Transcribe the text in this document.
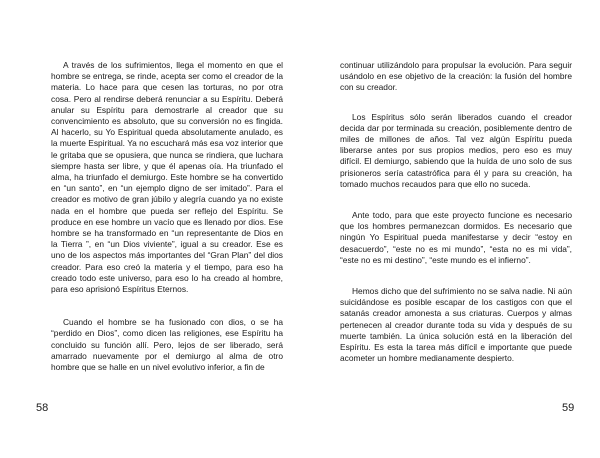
A través de los sufrimientos, llega el momento en que el hombre se entrega, se rinde, acepta ser como el creador de la materia. Lo hace para que cesen las torturas, no por otra cosa. Pero al rendirse deberá renunciar a su Espíritu. Deberá anular su Espíritu para demostrarle al creador que su convencimiento es absoluto, que su conversión no es fingida. Al hacerlo, su Yo Espiritual queda absolutamente anulado, es la muerte Espiritual. Ya no escuchará más esa voz interior que le gritaba que se opusiera, que nunca se rindiera, que luchara siempre hasta ser libre, y que él apenas oía. Ha triunfado el alma, ha triunfado el demiurgo. Este hombre se ha convertido en “un santo”, en “un ejemplo digno de ser imitado”. Para el creador es motivo de gran júbilo y alegría cuando ya no existe nada en el hombre que pueda ser reflejo del Espíritu. Se produce en ese hombre un vacío que es llenado por dios. Ese hombre se ha transformado en “un representante de Dios en la Tierra ”, en “un Dios viviente”, igual a su creador. Ese es uno de los aspectos más importantes del “Gran Plan” del dios creador. Para eso creó la materia y el tiempo, para eso ha creado todo este universo, para eso lo ha creado al hombre, para eso aprisionó Espíritus Eternos.

Cuando el hombre se ha fusionado con dios, o se ha “perdido en Dios”, como dicen las religiones, ese Espíritu ha concluido su función allí. Pero, lejos de ser liberado, será amarrado nuevamente por el demiurgo al alma de otro hombre que se halle en un nivel evolutivo inferior, a fin de

58

continuar utilizándolo para propulsar la evolución. Para seguir usándolo en ese objetivo de la creación: la fusión del hombre con su creador.

Los Espíritus sólo serán liberados cuando el creador decida dar por terminada su creación, posiblemente dentro de miles de millones de años. Tal vez algún Espíritu pueda liberarse antes por sus propios medios, pero eso es muy difícil. El demiurgo, sabiendo que la huída de uno solo de sus prisioneros sería catastrófica para él y para su creación, ha tomado muchos recaudos para que ello no suceda.

Ante todo, para que este proyecto funcione es necesario que los hombres permanezcan dormidos. Es necesario que ningún Yo Espiritual pueda manifestarse y decir “estoy en desacuerdo”, “este no es mi mundo”, “esta no es mi vida”, “este no es mi destino”, “este mundo es el infierno”.

Hemos dicho que del sufrimiento no se salva nadie. Ni aún suicidándose es posible escapar de los castigos con que el satanás creador amonesta a sus criaturas. Cuerpos y almas pertenecen al creador durante toda su vida y después de su muerte también. La única solución está en la liberación del Espíritu. Es esta la tarea más difícil e importante que puede acometer un hombre medianamente despierto.

59
